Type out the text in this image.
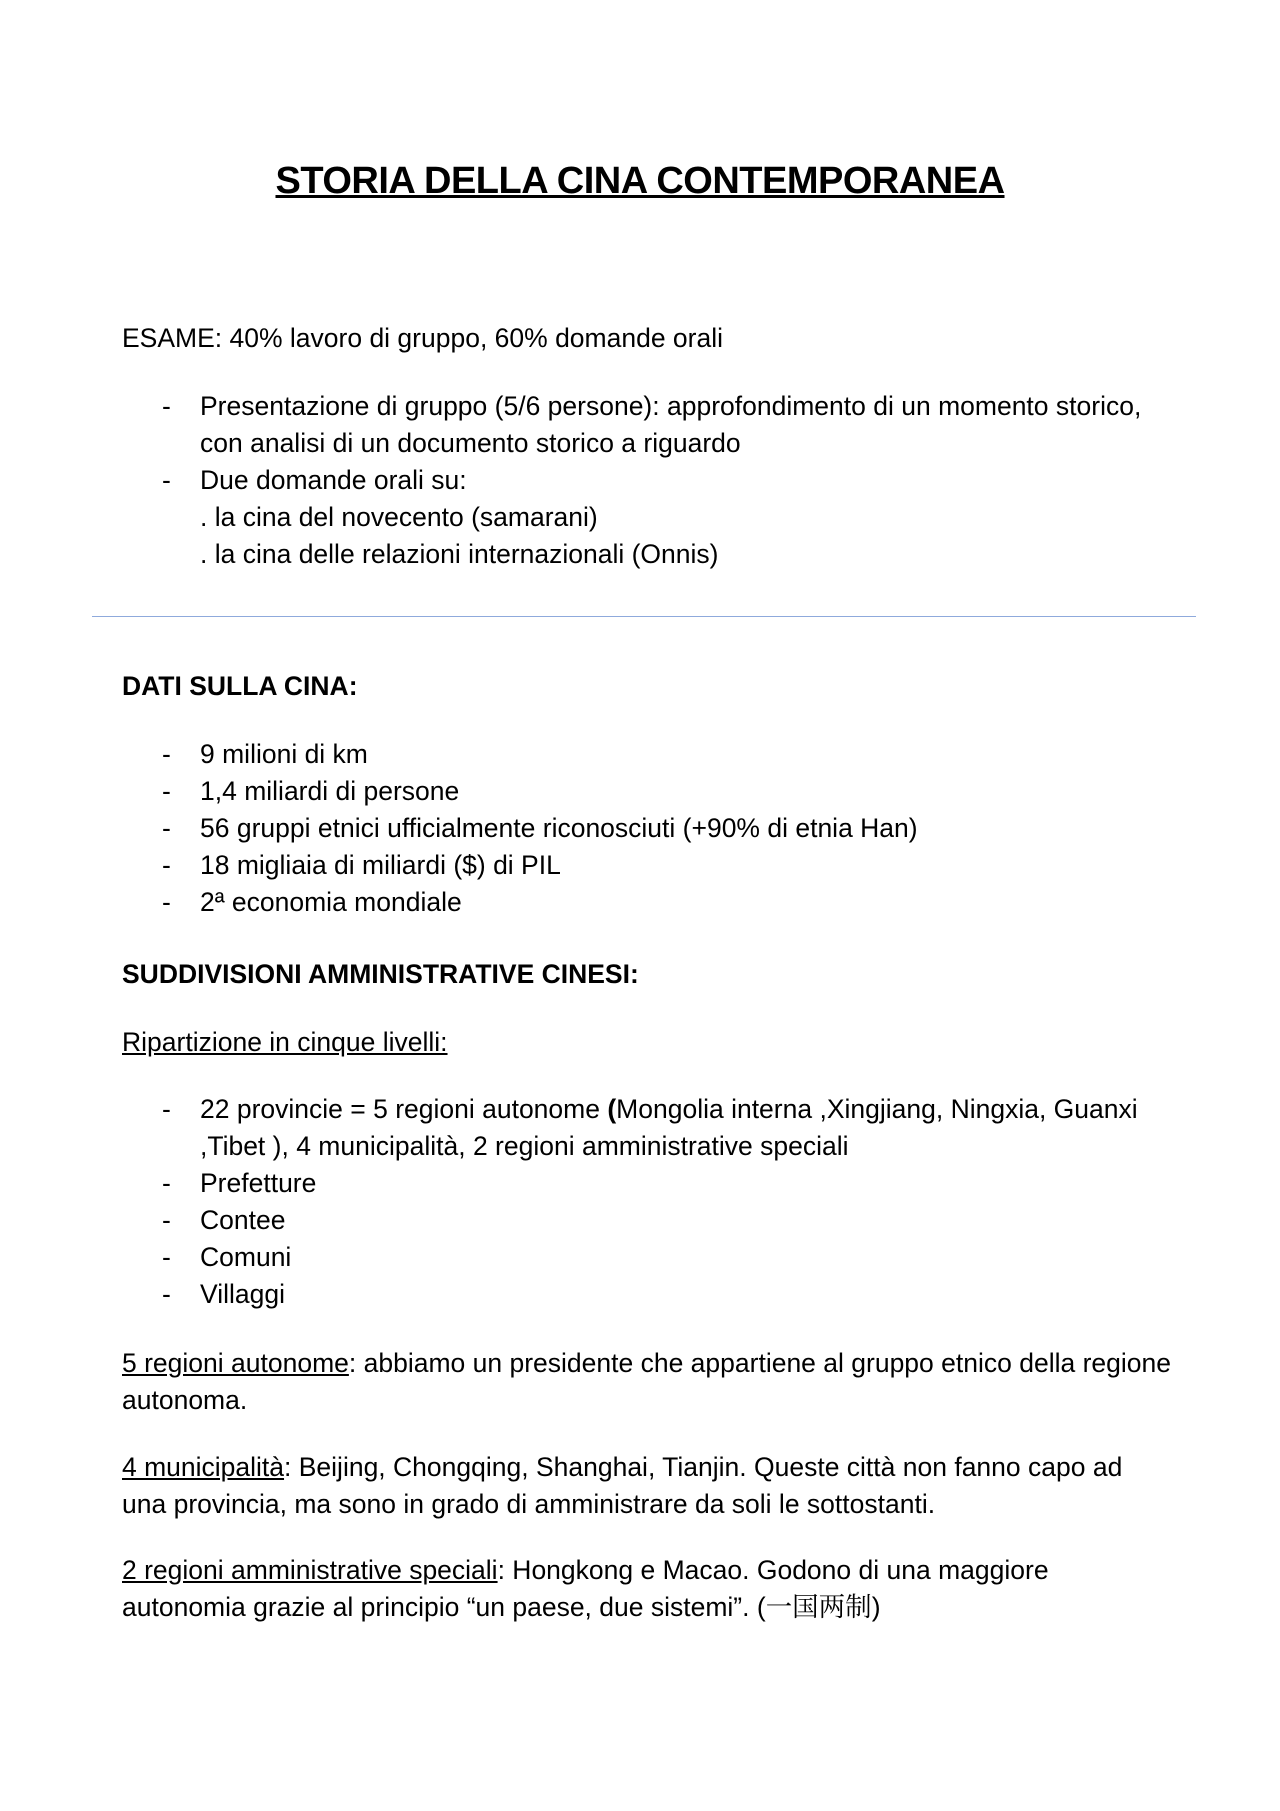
STORIA DELLA CINA CONTEMPORANEA

ESAME: 40% lavoro di gruppo, 60% domande orali

- Presentazione di gruppo (5/6 persone): approfondimento di un momento storico, con analisi di un documento storico a riguardo
- Due domande orali su:
. la cina del novecento (samarani)
. la cina delle relazioni internazionali (Onnis)

DATI SULLA CINA:

- 9 milioni di km
- 1,4 miliardi di persone
- 56 gruppi etnici ufficialmente riconosciuti (+90% di etnia Han)
- 18 migliaia di miliardi ($) di PIL
- 2ª economia mondiale

SUDDIVISIONI AMMINISTRATIVE CINESI:

Ripartizione in cinque livelli:

- 22 provincie = 5 regioni autonome (Mongolia interna ,Xingjiang, Ningxia, Guanxi ,Tibet ), 4 municipalità, 2 regioni amministrative speciali
- Prefetture
- Contee
- Comuni
- Villaggi

5 regioni autonome: abbiamo un presidente che appartiene al gruppo etnico della regione autonoma.

4 municipalità: Beijing, Chongqing, Shanghai, Tianjin. Queste città non fanno capo ad una provincia, ma sono in grado di amministrare da soli le sottostanti.

2 regioni amministrative speciali: Hongkong e Macao. Godono di una maggiore autonomia grazie al principio “un paese, due sistemi”. (一国两制)
